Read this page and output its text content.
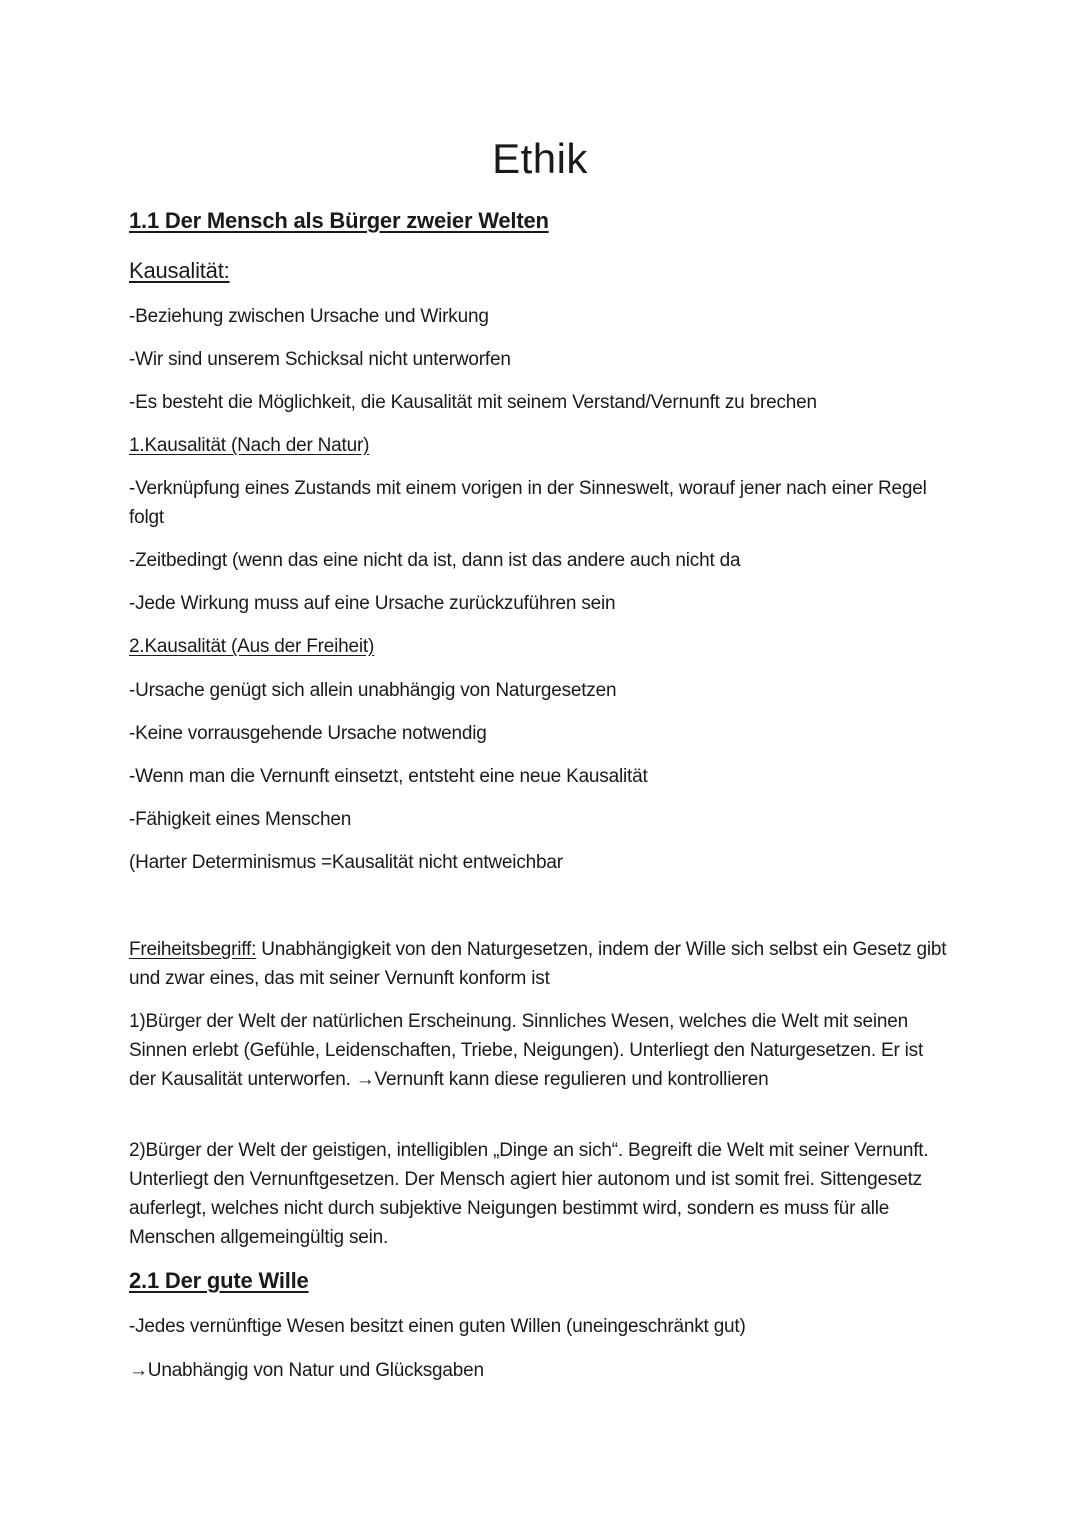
Ethik

1.1 Der Mensch als Bürger zweier Welten

Kausalität:

-Beziehung zwischen Ursache und Wirkung

-Wir sind unserem Schicksal nicht unterworfen

-Es besteht die Möglichkeit, die Kausalität mit seinem Verstand/Vernunft zu brechen

1.Kausalität (Nach der Natur)

-Verknüpfung eines Zustands mit einem vorigen in der Sinneswelt, worauf jener nach einer Regel folgt

-Zeitbedingt (wenn das eine nicht da ist, dann ist das andere auch nicht da

-Jede Wirkung muss auf eine Ursache zurückzuführen sein

2.Kausalität (Aus der Freiheit)

-Ursache genügt sich allein unabhängig von Naturgesetzen

-Keine vorrausgehende Ursache notwendig

-Wenn man die Vernunft einsetzt, entsteht eine neue Kausalität

-Fähigkeit eines Menschen

(Harter Determinismus =Kausalität nicht entweichbar

Freiheitsbegriff: Unabhängigkeit von den Naturgesetzen, indem der Wille sich selbst ein Gesetz gibt und zwar eines, das mit seiner Vernunft konform ist

1)Bürger der Welt der natürlichen Erscheinung. Sinnliches Wesen, welches die Welt mit seinen Sinnen erlebt (Gefühle, Leidenschaften, Triebe, Neigungen). Unterliegt den Naturgesetzen. Er ist der Kausalität unterworfen. →Vernunft kann diese regulieren und kontrollieren

2)Bürger der Welt der geistigen, intelligiblen „Dinge an sich“. Begreift die Welt mit seiner Vernunft. Unterliegt den Vernunftgesetzen. Der Mensch agiert hier autonom und ist somit frei. Sittengesetz auferlegt, welches nicht durch subjektive Neigungen bestimmt wird, sondern es muss für alle Menschen allgemeingültig sein.

2.1 Der gute Wille

-Jedes vernünftige Wesen besitzt einen guten Willen (uneingeschränkt gut)

→Unabhängig von Natur und Glücksgaben
